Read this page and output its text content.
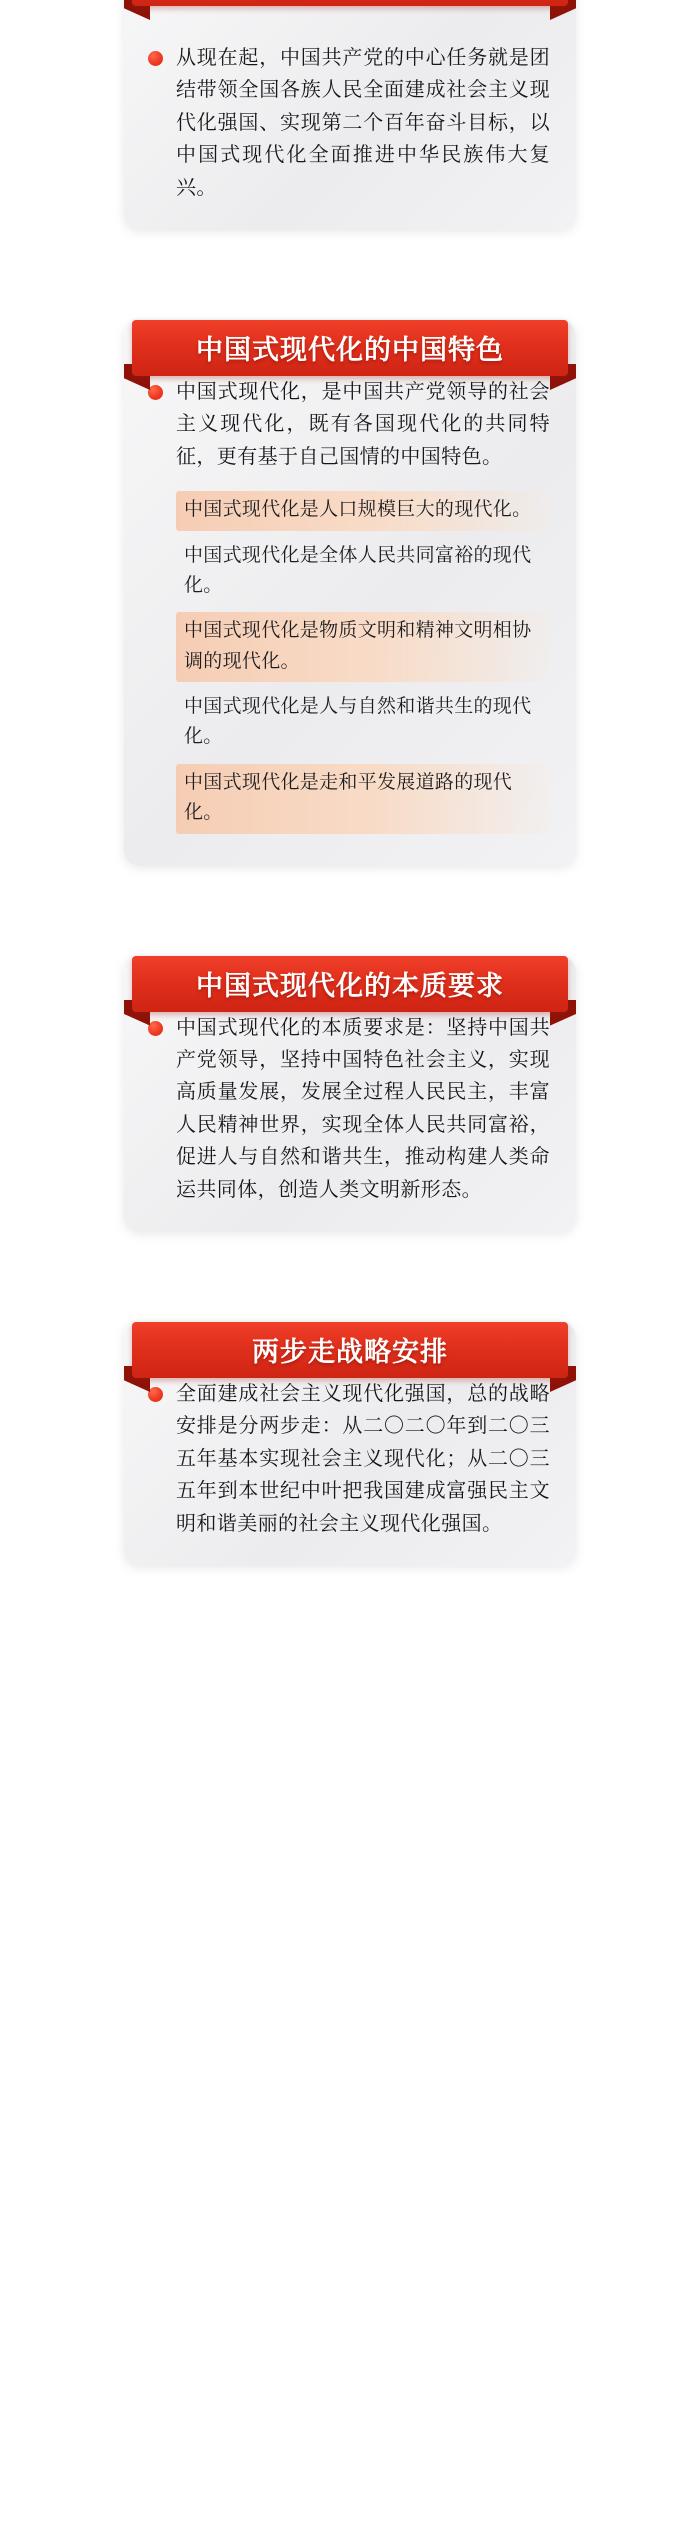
从现在起，中国共产党的中心任务就是团结带领全国各族人民全面建成社会主义现代化强国、实现第二个百年奋斗目标，以中国式现代化全面推进中华民族伟大复兴。
中国式现代化，是中国共产党领导的社会主义现代化，既有各国现代化的共同特征，更有基于自己国情的中国特色。
中国式现代化是人口规模巨大的现代化。
中国式现代化是全体人民共同富裕的现代化。
中国式现代化是物质文明和精神文明相协调的现代化。
中国式现代化是人与自然和谐共生的现代化。
中国式现代化是走和平发展道路的现代化。
中国式现代化的中国特色
中国式现代化的本质要求是：坚持中国共产党领导，坚持中国特色社会主义，实现高质量发展，发展全过程人民民主，丰富人民精神世界，实现全体人民共同富裕，促进人与自然和谐共生，推动构建人类命运共同体，创造人类文明新形态。
中国式现代化的本质要求
全面建成社会主义现代化强国，总的战略安排是分两步走：从二〇二〇年到二〇三五年基本实现社会主义现代化；从二〇三五年到本世纪中叶把我国建成富强民主文明和谐美丽的社会主义现代化强国。
两步走战略安排
